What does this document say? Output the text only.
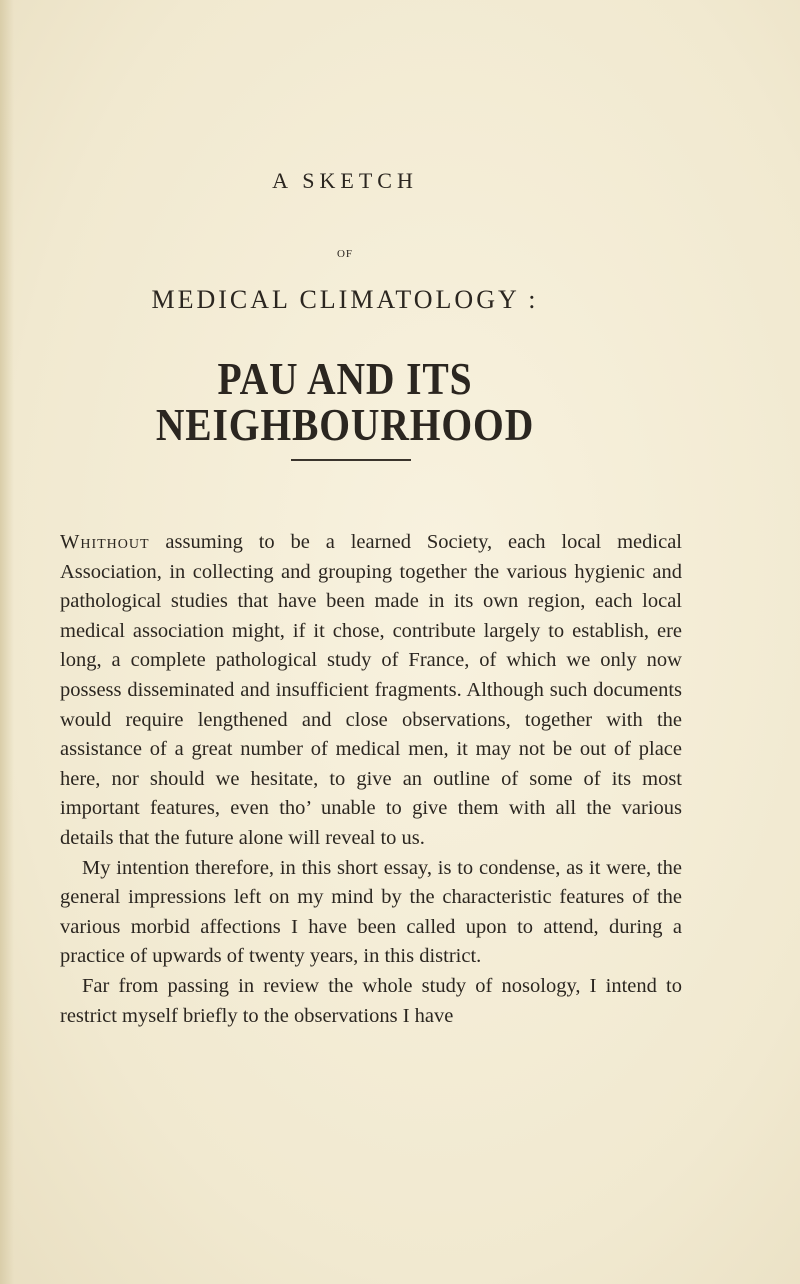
A SKETCH
OF
MEDICAL CLIMATOLOGY :
PAU AND ITS NEIGHBOURHOOD

Whithout assuming to be a learned Society, each local medical Association, in collecting and grouping together the various hygienic and pathological studies that have been made in its own region, each local medical association might, if it chose, contribute largely to establish, ere long, a complete pathological study of France, of which we only now possess disseminated and insufficient fragments. Although such documents would require lengthened and close observations, together with the assistance of a great number of medical men, it may not be out of place here, nor should we hesitate, to give an outline of some of its most important features, even tho’ unable to give them with all the various details that the future alone will reveal to us.

My intention therefore, in this short essay, is to condense, as it were, the general impressions left on my mind by the characteristic features of the various morbid affections I have been called upon to attend, during a practice of upwards of twenty years, in this district.

Far from passing in review the whole study of nosology, I intend to restrict myself briefly to the observations I have
